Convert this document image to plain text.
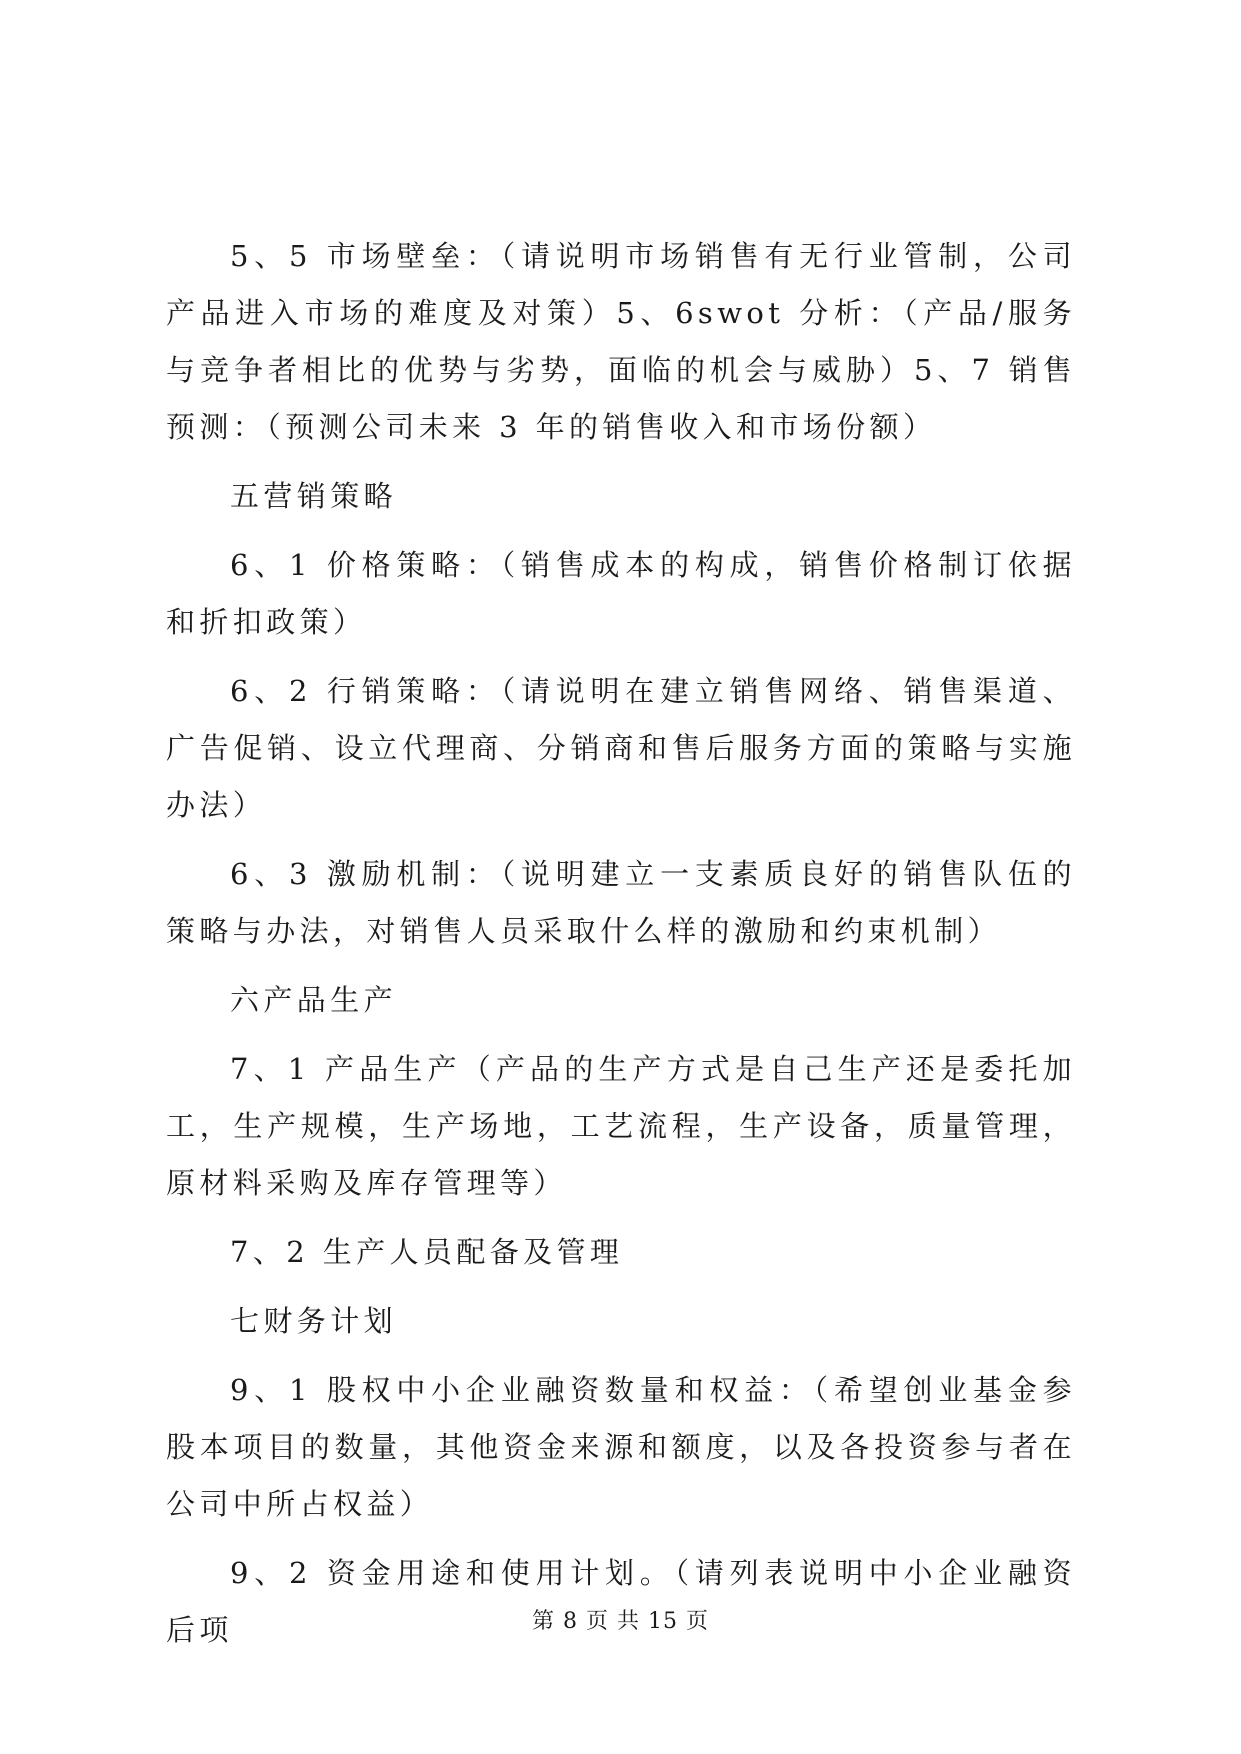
5、5 市场壁垒：（请说明市场销售有无行业管制，公司产品进入市场的难度及对策）5、6swot 分析：（产品/服务与竞争者相比的优势与劣势，面临的机会与威胁）5、7 销售预测：（预测公司未来 3 年的销售收入和市场份额）

五营销策略

6、1 价格策略：（销售成本的构成，销售价格制订依据和折扣政策）

6、2 行销策略：（请说明在建立销售网络、销售渠道、广告促销、设立代理商、分销商和售后服务方面的策略与实施办法）

6、3 激励机制：（说明建立一支素质良好的销售队伍的策略与办法，对销售人员采取什么样的激励和约束机制）

六产品生产

7、1 产品生产（产品的生产方式是自己生产还是委托加工，生产规模，生产场地，工艺流程，生产设备，质量管理，原材料采购及库存管理等）

7、2 生产人员配备及管理

七财务计划

9、1 股权中小企业融资数量和权益：（希望创业基金参股本项目的数量，其他资金来源和额度，以及各投资参与者在公司中所占权益）

9、2 资金用途和使用计划。（请列表说明中小企业融资后项	第 8 页 共 15 页
